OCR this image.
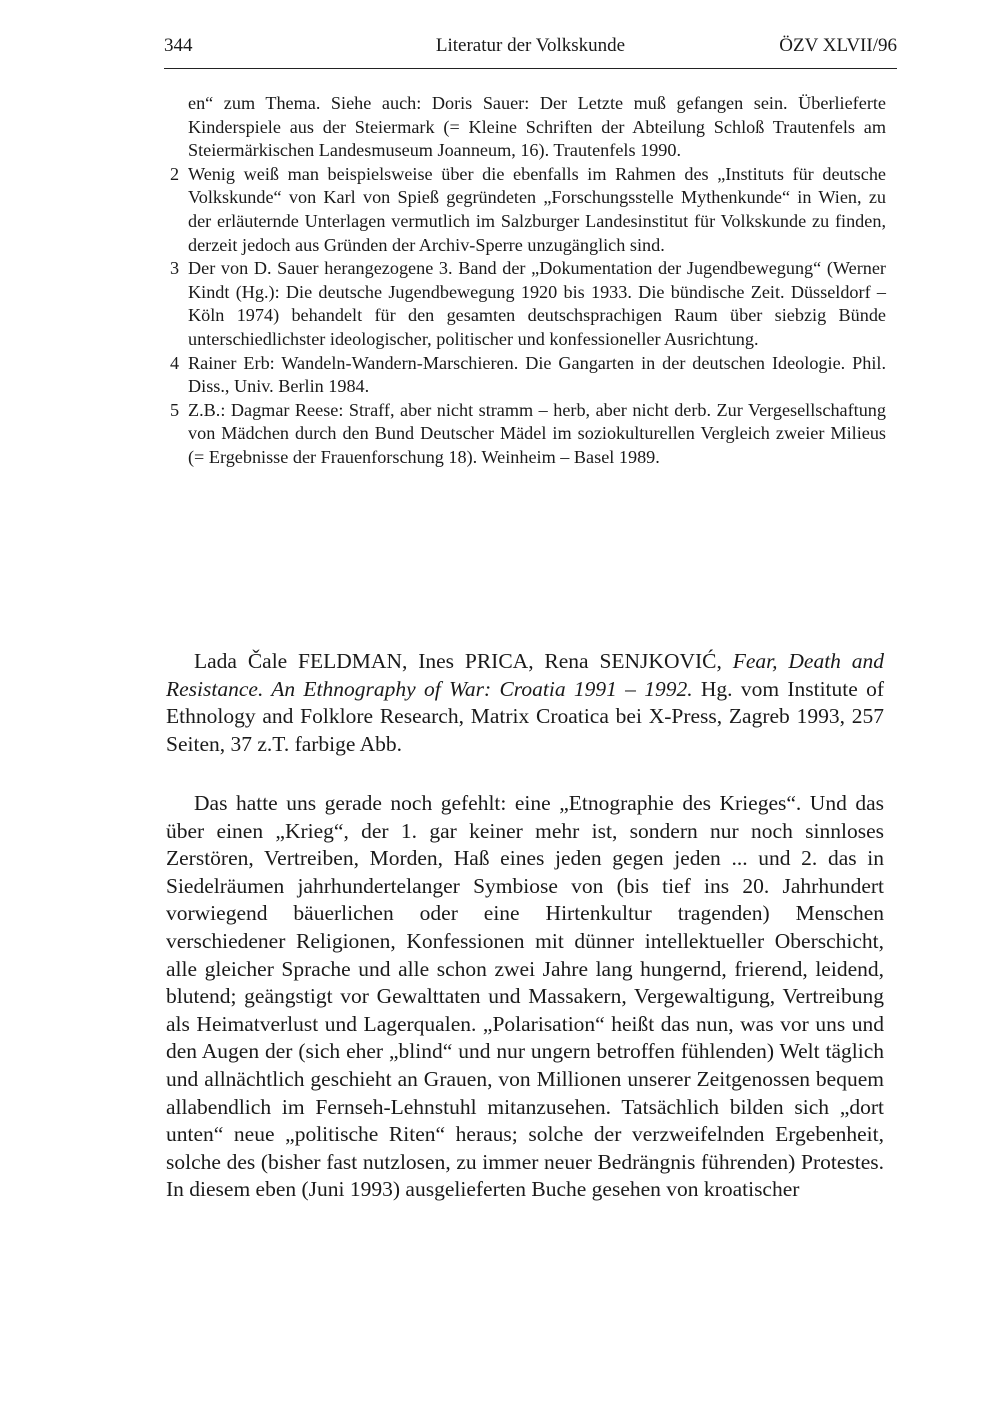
344	Literatur der Volkskunde	ÖZV XLVII/96

en“ zum Thema. Siehe auch: Doris Sauer: Der Letzte muß gefangen sein. Überlieferte Kinderspiele aus der Steiermark (= Kleine Schriften der Abteilung Schloß Trautenfels am Steiermärkischen Landesmuseum Joanneum, 16). Trautenfels 1990.

2 Wenig weiß man beispielsweise über die ebenfalls im Rahmen des „Instituts für deutsche Volkskunde“ von Karl von Spieß gegründeten „Forschungsstelle Mythenkunde“ in Wien, zu der erläuternde Unterlagen vermutlich im Salzburger Landesinstitut für Volkskunde zu finden, derzeit jedoch aus Gründen der Archiv-Sperre unzugänglich sind.

3 Der von D. Sauer herangezogene 3. Band der „Dokumentation der Jugendbewegung“ (Werner Kindt (Hg.): Die deutsche Jugendbewegung 1920 bis 1933. Die bündische Zeit. Düsseldorf – Köln 1974) behandelt für den gesamten deutschsprachigen Raum über siebzig Bünde unterschiedlichster ideologischer, politischer und konfessioneller Ausrichtung.

4 Rainer Erb: Wandeln-Wandern-Marschieren. Die Gangarten in der deutschen Ideologie. Phil. Diss., Univ. Berlin 1984.

5 Z.B.: Dagmar Reese: Straff, aber nicht stramm – herb, aber nicht derb. Zur Vergesellschaftung von Mädchen durch den Bund Deutscher Mädel im soziokulturellen Vergleich zweier Milieus (= Ergebnisse der Frauenforschung 18). Weinheim – Basel 1989.

Lada Čale FELDMAN, Ines PRICA, Rena SENJKOVIĆ, Fear, Death and Resistance. An Ethnography of War: Croatia 1991 – 1992. Hg. vom Institute of Ethnology and Folklore Research, Matrix Croatica bei X-Press, Zagreb 1993, 257 Seiten, 37 z.T. farbige Abb.

Das hatte uns gerade noch gefehlt: eine „Etnographie des Krieges“. Und das über einen „Krieg“, der 1. gar keiner mehr ist, sondern nur noch sinnloses Zerstören, Vertreiben, Morden, Haß eines jeden gegen jeden ... und 2. das in Siedelräumen jahrhundertelanger Symbiose von (bis tief ins 20. Jahrhundert vorwiegend bäuerlichen oder eine Hirtenkultur tragenden) Menschen verschiedener Religionen, Konfessionen mit dünner intellektueller Oberschicht, alle gleicher Sprache und alle schon zwei Jahre lang hungernd, frierend, leidend, blutend; geängstigt vor Gewalttaten und Massakern, Vergewaltigung, Vertreibung als Heimatverlust und Lagerqualen. „Polarisation“ heißt das nun, was vor uns und den Augen der (sich eher „blind“ und nur ungern betroffen fühlenden) Welt täglich und allnächtlich geschieht an Grauen, von Millionen unserer Zeitgenossen bequem allabendlich im Fernseh-Lehnstuhl mitanzusehen. Tatsächlich bilden sich „dort unten“ neue „politische Riten“ heraus; solche der verzweifelnden Ergebenheit, solche des (bisher fast nutzlosen, zu immer neuer Bedrängnis führenden) Protestes. In diesem eben (Juni 1993) ausgelieferten Buche gesehen von kroatischer
